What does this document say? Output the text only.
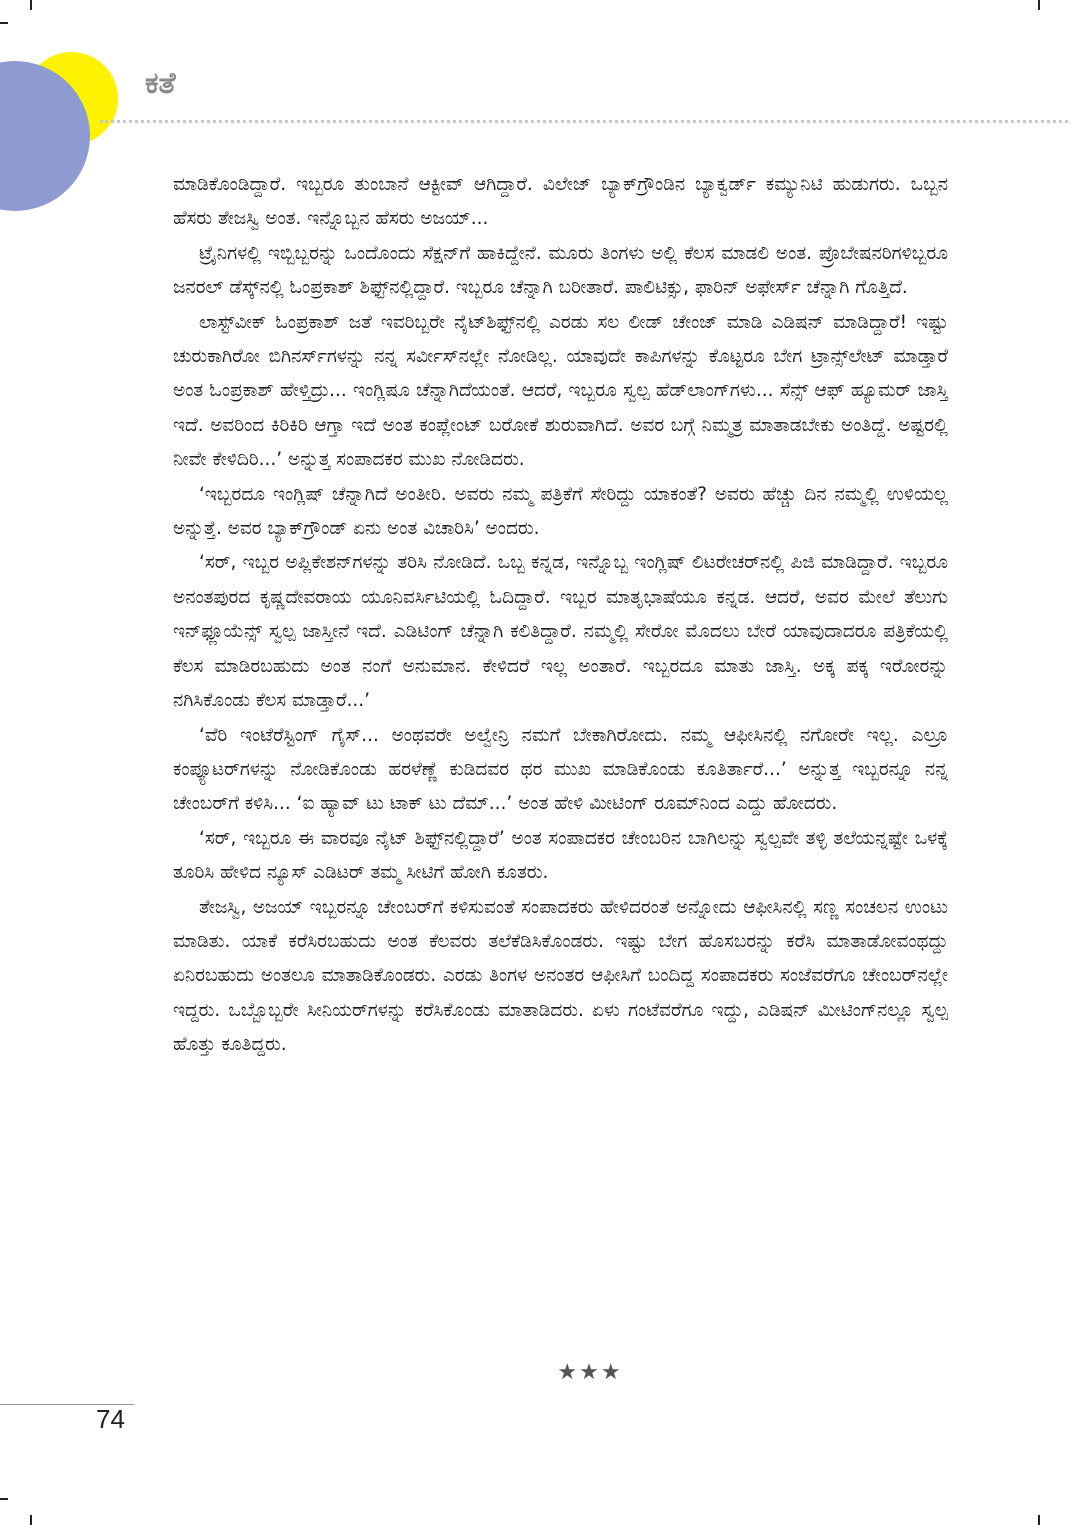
ಕತೆ

ಮಾಡಿಕೊಂಡಿದ್ದಾರೆ. ಇಬ್ಬರೂ ತುಂಬಾನೆ ಆಕ್ಟೀವ್ ಆಗಿದ್ದಾರೆ. ವಿಲೇಜ್ ಬ್ಯಾಕ್‌ಗ್ರೌಂಡಿನ ಬ್ಯಾಕ್ವರ್ಡ್ ಕಮ್ಯುನಿಟಿ ಹುಡುಗರು. ಒಬ್ಬನ ಹೆಸರು ತೇಜಸ್ವಿ ಅಂತ. ಇನ್ನೊಬ್ಬನ ಹೆಸರು ಅಜಯ್...

ಟ್ರೈನಿಗಳಲ್ಲಿ ಇಬ್ಬಿಬ್ಬರನ್ನು ಒಂದೊಂದು ಸೆಕ್ಷನ್‌ಗೆ ಹಾಕಿದ್ದೇನೆ. ಮೂರು ತಿಂಗಳು ಅಲ್ಲಿ ಕೆಲಸ ಮಾಡಲಿ ಅಂತ. ಪ್ರೊಬೇಷನರಿಗಳಿಬ್ಬರೂ ಜನರಲ್ ಡೆಸ್ಕ್‌ನಲ್ಲಿ ಓಂಪ್ರಕಾಶ್ ಶಿಫ್ಟ್‌ನಲ್ಲಿದ್ದಾರೆ. ಇಬ್ಬರೂ ಚೆನ್ನಾಗಿ ಬರೀತಾರೆ. ಪಾಲಿಟಿಕ್ಸು, ಫಾರಿನ್ ಅಫೇರ್ಸ್ ಚೆನ್ನಾಗಿ ಗೊತ್ತಿದೆ.

ಲಾಸ್ಟ್‌ವೀಕ್ ಓಂಪ್ರಕಾಶ್ ಜತೆ ಇವರಿಬ್ಬರೇ ನೈಟ್‌ಶಿಫ್ಟ್‌ನಲ್ಲಿ ಎರಡು ಸಲ ಲೀಡ್ ಚೇಂಜ್ ಮಾಡಿ ಎಡಿಷನ್ ಮಾಡಿದ್ದಾರೆ! ಇಷ್ಟು ಚುರುಕಾಗಿರೋ ಬಿಗಿನರ್ಸ್‌ಗಳನ್ನು ನನ್ನ ಸರ್ವೀಸ್‌ನಲ್ಲೇ ನೋಡಿಲ್ಲ. ಯಾವುದೇ ಕಾಪಿಗಳನ್ನು ಕೊಟ್ಟರೂ ಬೇಗ ಟ್ರಾನ್ಸ್‌ಲೇಟ್ ಮಾಡ್ತಾರೆ ಅಂತ ಓಂಪ್ರಕಾಶ್ ಹೇಳ್ತಿದ್ರು... ಇಂಗ್ಲಿಷೂ ಚೆನ್ನಾಗಿದೆಯಂತೆ. ಆದರೆ, ಇಬ್ಬರೂ ಸ್ವಲ್ಪ ಹೆಡ್‌ಲಾಂಗ್‌ಗಳು... ಸೆನ್ಸ್ ಆಫ್ ಹ್ಯೂಮರ್ ಜಾಸ್ತಿ ಇದೆ. ಅವರಿಂದ ಕಿರಿಕಿರಿ ಆಗ್ತಾ ಇದೆ ಅಂತ ಕಂಪ್ಲೇಂಟ್ ಬರೋಕೆ ಶುರುವಾಗಿದೆ. ಅವರ ಬಗ್ಗೆ ನಿಮ್ಮತ್ರ ಮಾತಾಡಬೇಕು ಅಂತಿದ್ದೆ. ಅಷ್ಟರಲ್ಲಿ ನೀವೇ ಕೇಳಿದಿರಿ...’ ಅನ್ನುತ್ತ ಸಂಪಾದಕರ ಮುಖ ನೋಡಿದರು.

‘ಇಬ್ಬರದೂ ಇಂಗ್ಲಿಷ್ ಚೆನ್ನಾಗಿದೆ ಅಂತೀರಿ. ಅವರು ನಮ್ಮ ಪತ್ರಿಕೆಗೆ ಸೇರಿದ್ದು ಯಾಕಂತೆ? ಅವರು ಹೆಚ್ಚು ದಿನ ನಮ್ಮಲ್ಲಿ ಉಳಿಯಲ್ಲ ಅನ್ನುತ್ತೆ. ಅವರ ಬ್ಯಾಕ್‌ಗ್ರೌಂಡ್ ಏನು ಅಂತ ವಿಚಾರಿಸಿ’ ಅಂದರು.

‘ಸರ್, ಇಬ್ಬರ ಅಪ್ಲಿಕೇಶನ್‌ಗಳನ್ನು ತರಿಸಿ ನೋಡಿದೆ. ಒಬ್ಬ ಕನ್ನಡ, ಇನ್ನೊಬ್ಬ ಇಂಗ್ಲಿಷ್ ಲಿಟರೇಚರ್‌ನಲ್ಲಿ ಪಿಜಿ ಮಾಡಿದ್ದಾರೆ. ಇಬ್ಬರೂ ಅನಂತಪುರದ ಕೃಷ್ಣದೇವರಾಯ ಯೂನಿವರ್ಸಿಟಿಯಲ್ಲಿ ಓದಿದ್ದಾರೆ. ಇಬ್ಬರ ಮಾತೃಭಾಷೆಯೂ ಕನ್ನಡ. ಆದರೆ, ಅವರ ಮೇಲೆ ತೆಲುಗು ಇನ್‌ಫ್ಲೂಯೆನ್ಸ್ ಸ್ವಲ್ಪ ಜಾಸ್ತೀನೆ ಇದೆ. ಎಡಿಟಿಂಗ್ ಚೆನ್ನಾಗಿ ಕಲಿತಿದ್ದಾರೆ. ನಮ್ಮಲ್ಲಿ ಸೇರೋ ಮೊದಲು ಬೇರೆ ಯಾವುದಾದರೂ ಪತ್ರಿಕೆಯಲ್ಲಿ ಕೆಲಸ ಮಾಡಿರಬಹುದು ಅಂತ ನಂಗೆ ಅನುಮಾನ. ಕೇಳಿದರೆ ಇಲ್ಲ ಅಂತಾರೆ. ಇಬ್ಬರದೂ ಮಾತು ಜಾಸ್ತಿ. ಅಕ್ಕ ಪಕ್ಕ ಇರೋರನ್ನು ನಗಿಸಿಕೊಂಡು ಕೆಲಸ ಮಾಡ್ತಾರೆ...’

‘ವೆರಿ ಇಂಟೆರೆಸ್ಟಿಂಗ್ ಗೈಸ್... ಅಂಥವರೇ ಅಲ್ವೇನ್ರಿ ನಮಗೆ ಬೇಕಾಗಿರೋದು. ನಮ್ಮ ಆಫೀಸಿನಲ್ಲಿ ನಗೋರೇ ಇಲ್ಲ. ಎಲ್ರೂ ಕಂಪ್ಯೂಟರ್‌ಗಳನ್ನು ನೋಡಿಕೊಂಡು ಹರಳೆಣ್ಣೆ ಕುಡಿದವರ ಥರ ಮುಖ ಮಾಡಿಕೊಂಡು ಕೂತಿರ್ತಾರೆ...’ ಅನ್ನುತ್ತ ಇಬ್ಬರನ್ನೂ ನನ್ನ ಚೇಂಬರ್‌ಗೆ ಕಳಿಸಿ... ‘ಐ ಹ್ಯಾವ್ ಟು ಟಾಕ್ ಟು ದೆಮ್...’ ಅಂತ ಹೇಳಿ ಮೀಟಿಂಗ್ ರೂಮ್‌ನಿಂದ ಎದ್ದು ಹೋದರು.

‘ಸರ್, ಇಬ್ಬರೂ ಈ ವಾರವೂ ನೈಟ್ ಶಿಫ್ಟ್‌ನಲ್ಲಿದ್ದಾರೆ’ ಅಂತ ಸಂಪಾದಕರ ಚೇಂಬರಿನ ಬಾಗಿಲನ್ನು ಸ್ವಲ್ಪವೇ ತಳ್ಳಿ ತಲೆಯನ್ನಷ್ಟೇ ಒಳಕ್ಕೆ ತೂರಿಸಿ ಹೇಳಿದ ನ್ಯೂಸ್ ಎಡಿಟರ್ ತಮ್ಮ ಸೀಟಿಗೆ ಹೋಗಿ ಕೂತರು.

ತೇಜಸ್ವಿ, ಅಜಯ್ ಇಬ್ಬರನ್ನೂ ಚೇಂಬರ್‌ಗೆ ಕಳಿಸುವಂತೆ ಸಂಪಾದಕರು ಹೇಳಿದರಂತೆ ಅನ್ನೋದು ಆಫೀಸಿನಲ್ಲಿ ಸಣ್ಣ ಸಂಚಲನ ಉಂಟು ಮಾಡಿತು. ಯಾಕೆ ಕರೆಸಿರಬಹುದು ಅಂತ ಕೆಲವರು ತಲೆಕೆಡಿಸಿಕೊಂಡರು. ಇಷ್ಟು ಬೇಗ ಹೊಸಬರನ್ನು ಕರೆಸಿ ಮಾತಾಡೋವಂಥದ್ದು ಏನಿರಬಹುದು ಅಂತಲೂ ಮಾತಾಡಿಕೊಂಡರು. ಎರಡು ತಿಂಗಳ ಅನಂತರ ಆಫೀಸಿಗೆ ಬಂದಿದ್ದ ಸಂಪಾದಕರು ಸಂಜೆವರೆಗೂ ಚೇಂಬರ್‌ನಲ್ಲೇ ಇದ್ದರು. ಒಬ್ಬೊಬ್ಬರೇ ಸೀನಿಯರ್‌ಗಳನ್ನು ಕರೆಸಿಕೊಂಡು ಮಾತಾಡಿದರು. ಏಳು ಗಂಟೆವರೆಗೂ ಇದ್ದು, ಎಡಿಷನ್ ಮೀಟಿಂಗ್‌ನಲ್ಲೂ ಸ್ವಲ್ಪ ಹೊತ್ತು ಕೂತಿದ್ದರು.

★★★
74
